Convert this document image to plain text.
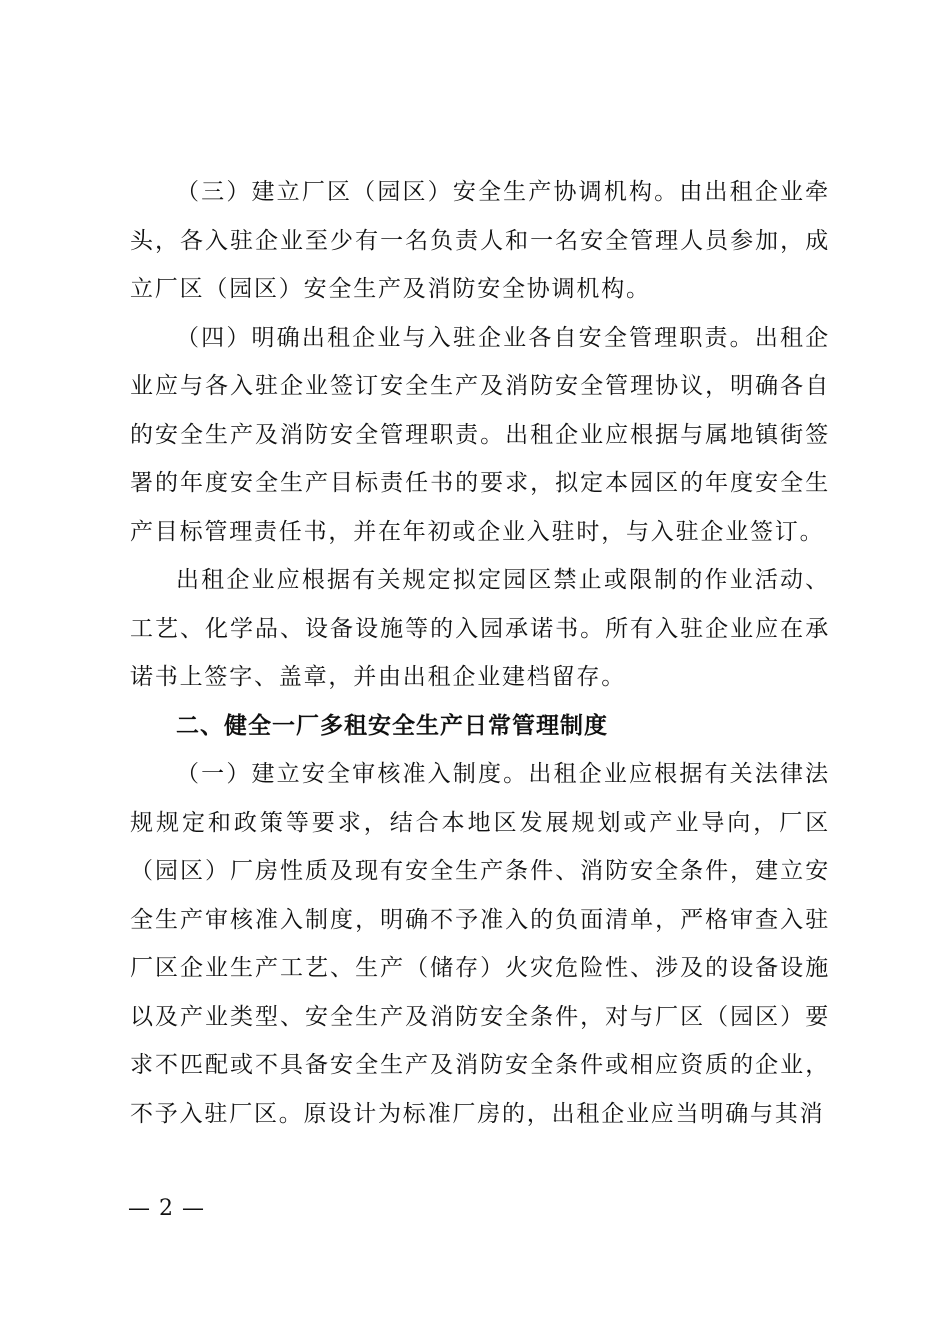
（三）建立厂区（园区）安全生产协调机构。由出租企业牵头，各入驻企业至少有一名负责人和一名安全管理人员参加，成立厂区（园区）安全生产及消防安全协调机构。

（四）明确出租企业与入驻企业各自安全管理职责。出租企业应与各入驻企业签订安全生产及消防安全管理协议，明确各自的安全生产及消防安全管理职责。出租企业应根据与属地镇街签署的年度安全生产目标责任书的要求，拟定本园区的年度安全生产目标管理责任书，并在年初或企业入驻时，与入驻企业签订。

出租企业应根据有关规定拟定园区禁止或限制的作业活动、工艺、化学品、设备设施等的入园承诺书。所有入驻企业应在承诺书上签字、盖章，并由出租企业建档留存。

二、健全一厂多租安全生产日常管理制度

（一）建立安全审核准入制度。出租企业应根据有关法律法规规定和政策等要求，结合本地区发展规划或产业导向，厂区（园区）厂房性质及现有安全生产条件、消防安全条件，建立安全生产审核准入制度，明确不予准入的负面清单，严格审查入驻厂区企业生产工艺、生产（储存）火灾危险性、涉及的设备设施以及产业类型、安全生产及消防安全条件，对与厂区（园区）要求不匹配或不具备安全生产及消防安全条件或相应资质的企业，不予入驻厂区。原设计为标准厂房的，出租企业应当明确与其消

— 2 —
